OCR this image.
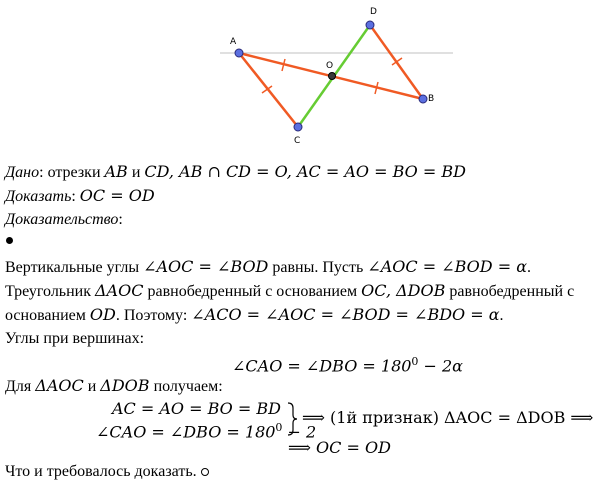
A
B
C
D
O
Дано: отрезки AB и CD, AB ∩ CD = O, AC = AO = BO = BD
Доказать: OC = OD
Доказательство:
Вертикальные углы ∠AOC = ∠BOD равны. Пусть ∠AOC = ∠BOD = α.
Треугольник ΔAOC равнобедренный с основанием OC, ΔDOB равнобедренный с
основанием OD. Поэтому: ∠ACO = ∠AOC = ∠BOD = ∠BDO = α.
Углы при вершинах:
∠CAO = ∠DBO = $180^0 - 2\alpha$
Для ΔAOC и ΔDOB получаем:
AC = AO = BO = BD
∠CAO = ∠DBO = $180^0 - 2$
⟹ (1й признак) ΔAOC = ΔDOB ⟹
⟹ OC = OD
Что и требовалось доказать.
